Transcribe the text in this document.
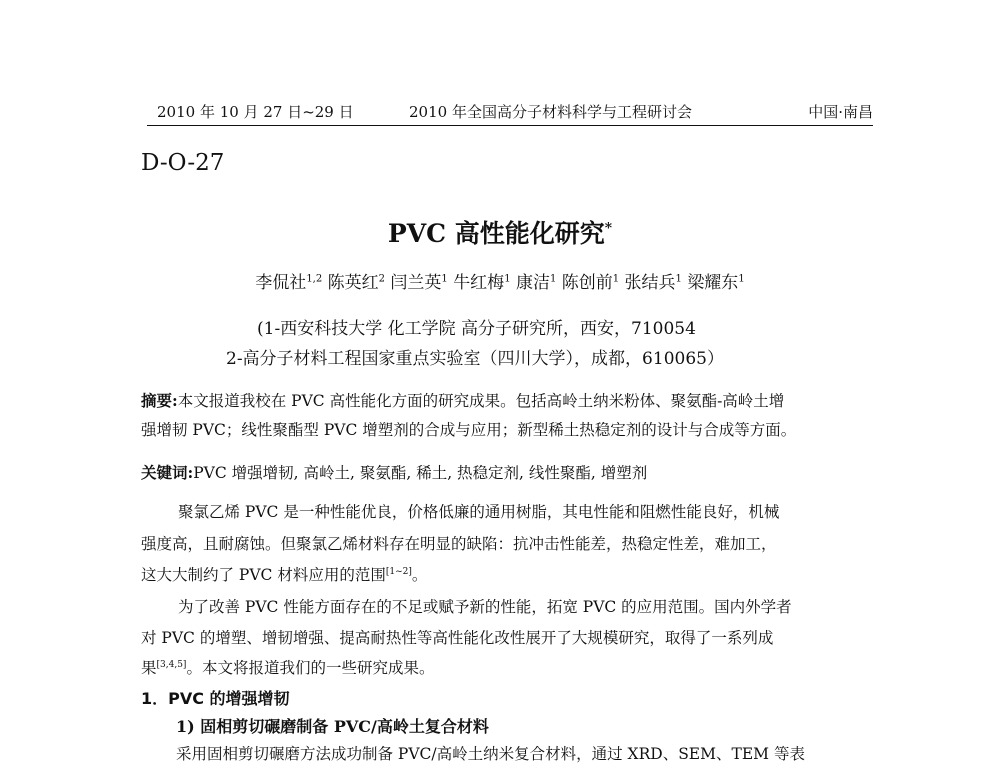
2010 年 10 月 27 日~29 日	2010 年全国高分子材料科学与工程研讨会	中国·南昌
D-O-27
PVC 高性能化研究*
李侃社$^{1,2}$ 陈英红$^2$ 闫兰英$^1$ 牛红梅$^1$ 康洁$^1$ 陈创前$^1$ 张结兵$^1$ 梁耀东$^1$
(1-西安科技大学 化工学院 高分子研究所，西安，710054
2-高分子材料工程国家重点实验室（四川大学），成都，610065）
摘要:本文报道我校在 PVC 高性能化方面的研究成果。包括高岭土纳米粉体、聚氨酯-高岭土增
强增韧 PVC；线性聚酯型 PVC 增塑剂的合成与应用；新型稀土热稳定剂的设计与合成等方面。
关键词:PVC 增强增韧, 高岭土, 聚氨酯, 稀土, 热稳定剂, 线性聚酯, 增塑剂
聚氯乙烯 PVC 是一种性能优良，价格低廉的通用树脂，其电性能和阻燃性能良好，机械
强度高，且耐腐蚀。但聚氯乙烯材料存在明显的缺陷：抗冲击性能差，热稳定性差，难加工，
这大大制约了 PVC 材料应用的范围[1~2]。
为了改善 PVC 性能方面存在的不足或赋予新的性能，拓宽 PVC 的应用范围。国内外学者
对 PVC 的增塑、增韧增强、提高耐热性等高性能化改性展开了大规模研究，取得了一系列成
果[3,4,5]。本文将报道我们的一些研究成果。
1．PVC 的增强增韧
1) 固相剪切碾磨制备 PVC/高岭土复合材料
采用固相剪切碾磨方法成功制备 PVC/高岭土纳米复合材料，通过 XRD、SEM、TEM 等表
